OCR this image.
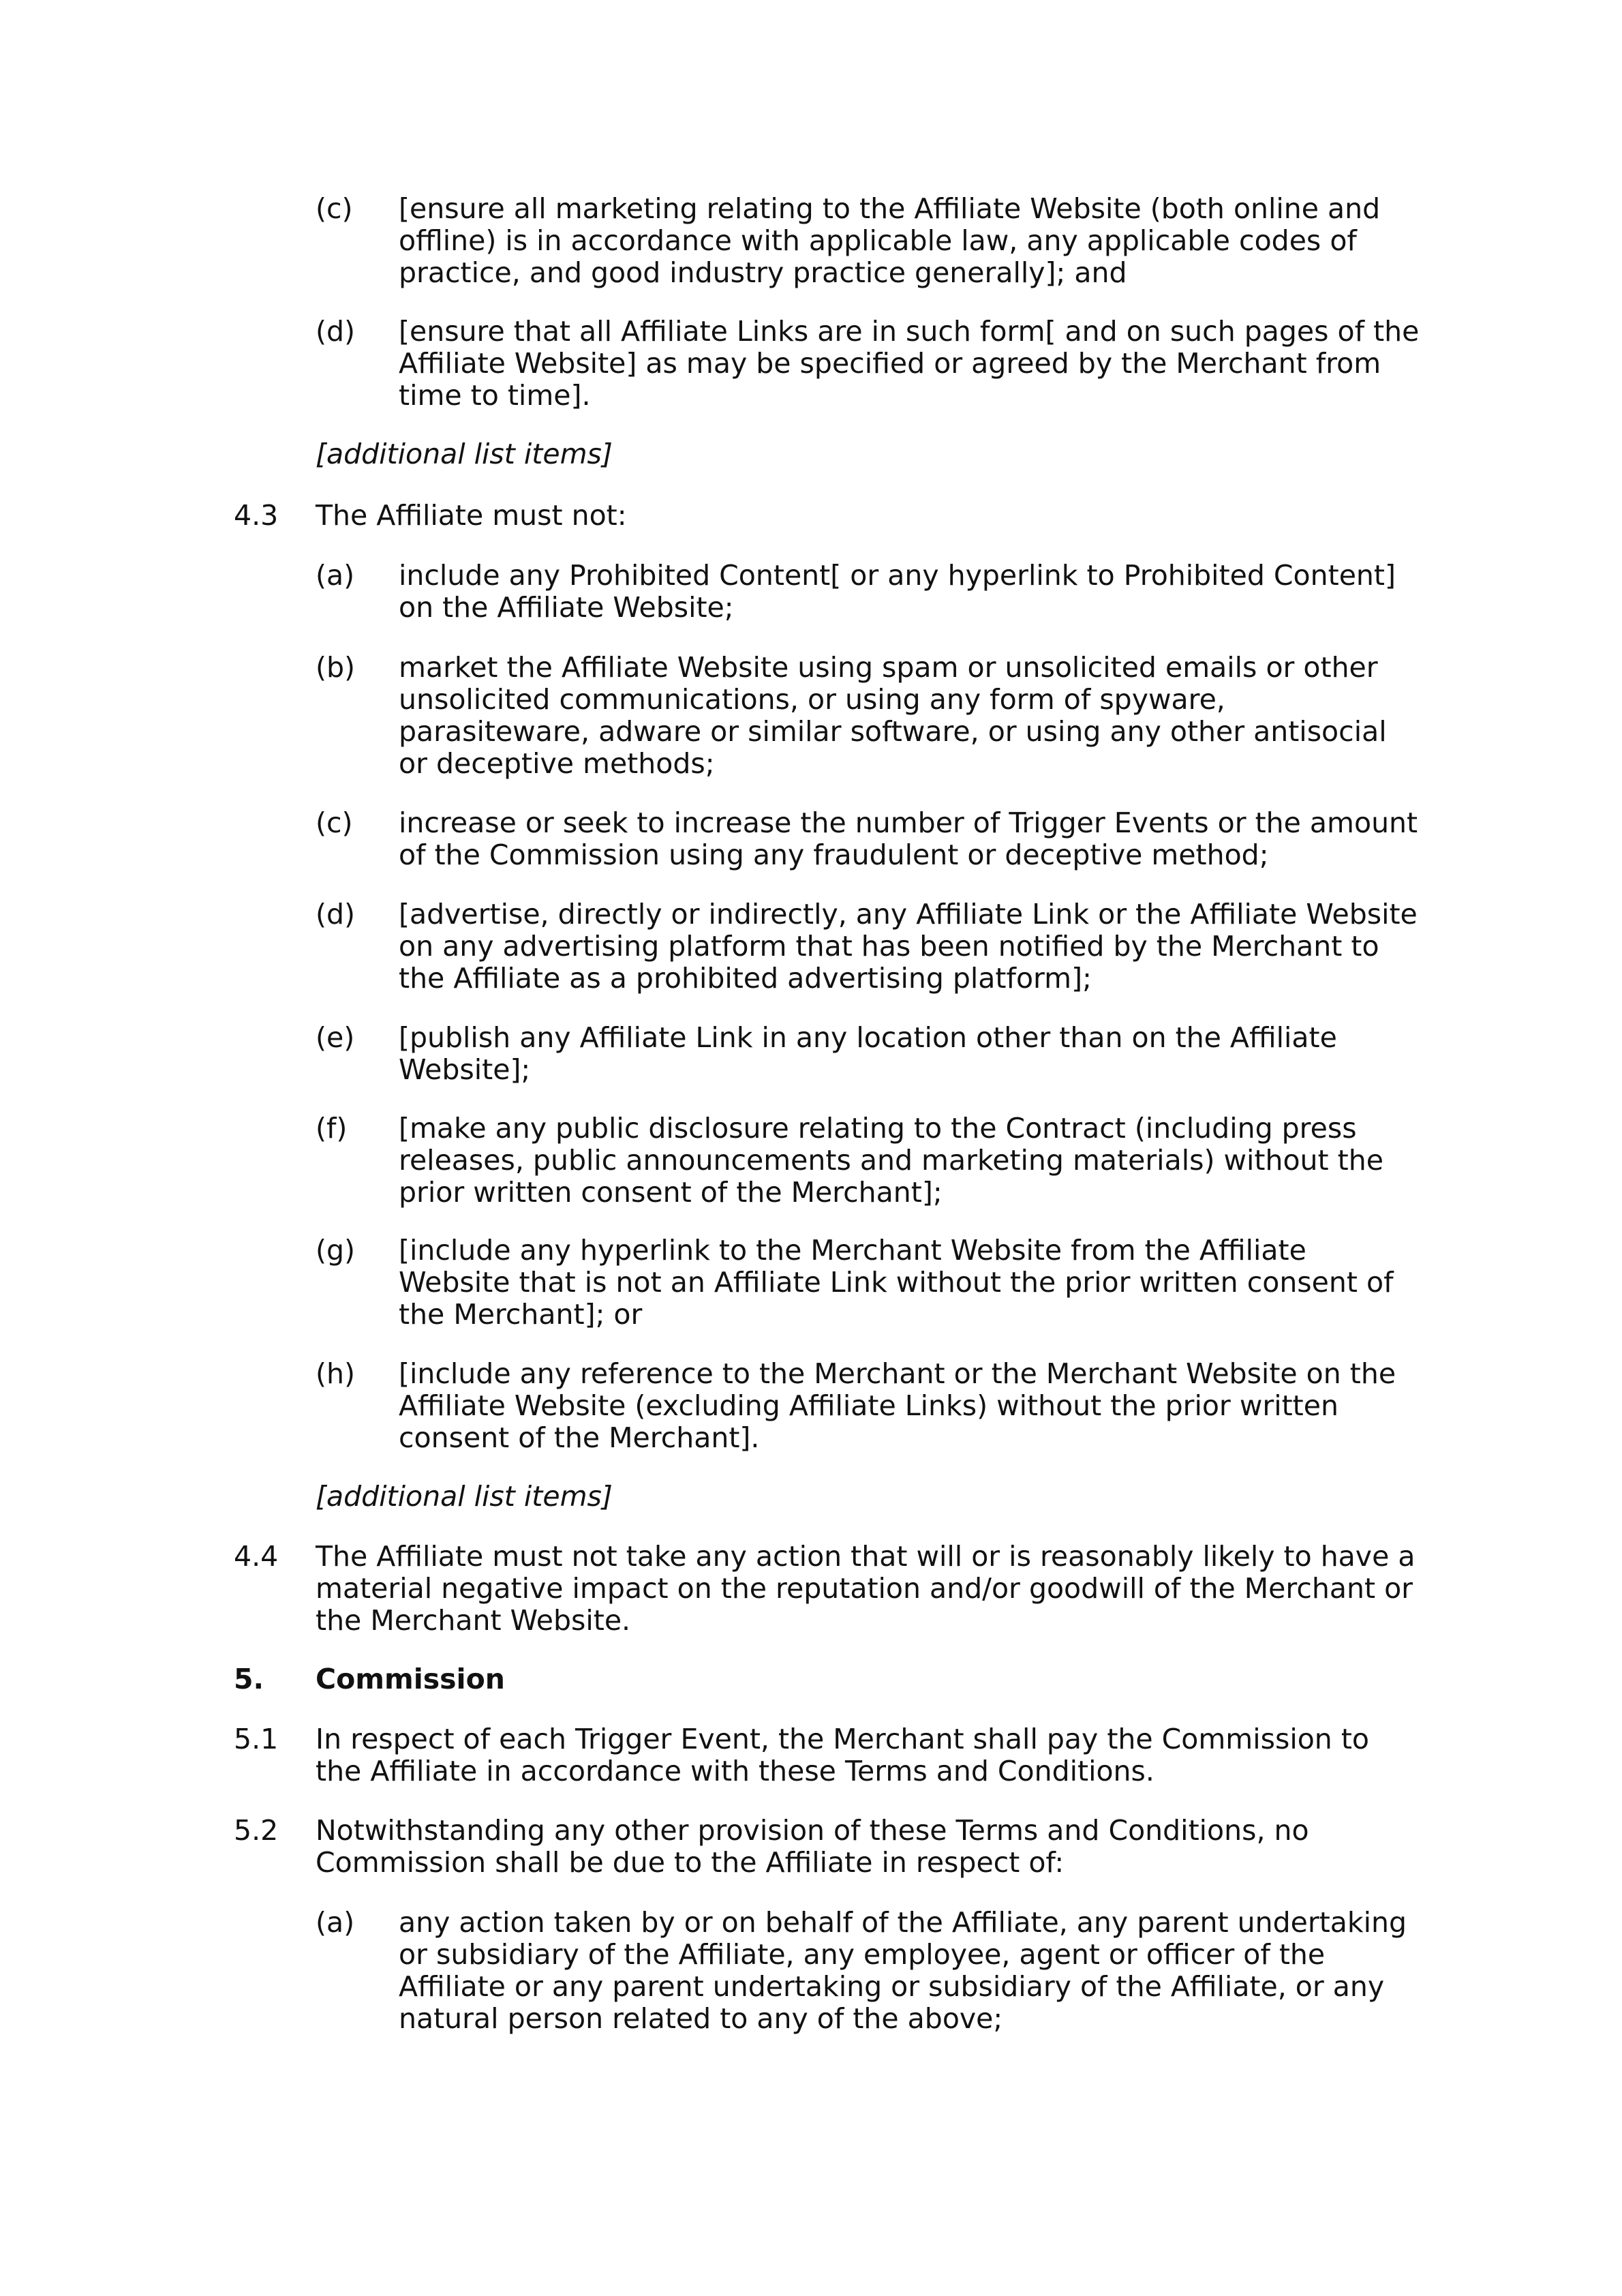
(c) [ensure all marketing relating to the Affiliate Website (both online and
offline) is in accordance with applicable law, any applicable codes of
practice, and good industry practice generally]; and
(d) [ensure that all Affiliate Links are in such form[ and on such pages of the
Affiliate Website] as may be specified or agreed by the Merchant from
time to time].
[additional list items]
4.3 The Affiliate must not:
(a) include any Prohibited Content[ or any hyperlink to Prohibited Content]
on the Affiliate Website;
(b) market the Affiliate Website using spam or unsolicited emails or other
unsolicited communications, or using any form of spyware,
parasiteware, adware or similar software, or using any other antisocial
or deceptive methods;
(c) increase or seek to increase the number of Trigger Events or the amount
of the Commission using any fraudulent or deceptive method;
(d) [advertise, directly or indirectly, any Affiliate Link or the Affiliate Website
on any advertising platform that has been notified by the Merchant to
the Affiliate as a prohibited advertising platform];
(e) [publish any Affiliate Link in any location other than on the Affiliate
Website];
(f) [make any public disclosure relating to the Contract (including press
releases, public announcements and marketing materials) without the
prior written consent of the Merchant];
(g) [include any hyperlink to the Merchant Website from the Affiliate
Website that is not an Affiliate Link without the prior written consent of
the Merchant]; or
(h) [include any reference to the Merchant or the Merchant Website on the
Affiliate Website (excluding Affiliate Links) without the prior written
consent of the Merchant].
[additional list items]
4.4 The Affiliate must not take any action that will or is reasonably likely to have a
material negative impact on the reputation and/or goodwill of the Merchant or
the Merchant Website.
5. Commission
5.1 In respect of each Trigger Event, the Merchant shall pay the Commission to
the Affiliate in accordance with these Terms and Conditions.
5.2 Notwithstanding any other provision of these Terms and Conditions, no
Commission shall be due to the Affiliate in respect of:
(a) any action taken by or on behalf of the Affiliate, any parent undertaking
or subsidiary of the Affiliate, any employee, agent or officer of the
Affiliate or any parent undertaking or subsidiary of the Affiliate, or any
natural person related to any of the above;
